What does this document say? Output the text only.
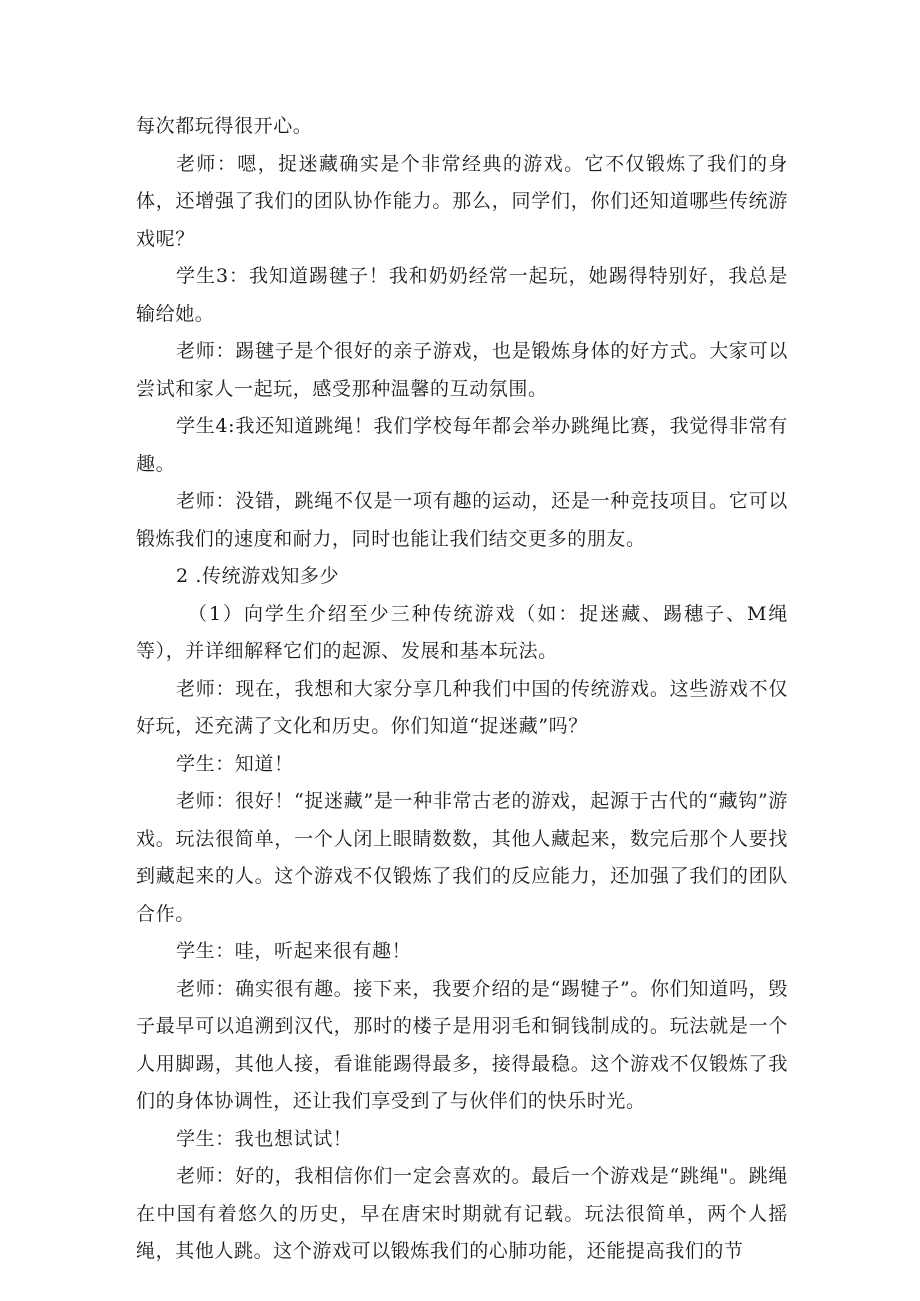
每次都玩得很开心。

老师：嗯，捉迷藏确实是个非常经典的游戏。它不仅锻炼了我们的身体，还增强了我们的团队协作能力。那么，同学们，你们还知道哪些传统游戏呢？

学生3：我知道踢毽子！我和奶奶经常一起玩，她踢得特别好，我总是输给她。

老师：踢毽子是个很好的亲子游戏，也是锻炼身体的好方式。大家可以尝试和家人一起玩，感受那种温馨的互动氛围。

学生4:我还知道跳绳！我们学校每年都会举办跳绳比赛，我觉得非常有趣。

老师：没错，跳绳不仅是一项有趣的运动，还是一种竞技项目。它可以锻炼我们的速度和耐力，同时也能让我们结交更多的朋友。

2 .传统游戏知多少

（1）向学生介绍至少三种传统游戏（如：捉迷藏、踢穗子、M绳等），并详细解释它们的起源、发展和基本玩法。

老师：现在，我想和大家分享几种我们中国的传统游戏。这些游戏不仅好玩，还充满了文化和历史。你们知道“捉迷藏”吗？

学生：知道！

老师：很好！“捉迷藏”是一种非常古老的游戏，起源于古代的“藏钩”游戏。玩法很简单，一个人闭上眼睛数数，其他人藏起来，数完后那个人要找到藏起来的人。这个游戏不仅锻炼了我们的反应能力，还加强了我们的团队合作。

学生：哇，听起来很有趣！

老师：确实很有趣。接下来，我要介绍的是“踢犍子”。你们知道吗，毁子最早可以追溯到汉代，那时的楼子是用羽毛和铜钱制成的。玩法就是一个人用脚踢，其他人接，看谁能踢得最多，接得最稳。这个游戏不仅锻炼了我们的身体协调性，还让我们享受到了与伙伴们的快乐时光。

学生：我也想试试！

老师：好的，我相信你们一定会喜欢的。最后一个游戏是“跳绳"。跳绳在中国有着悠久的历史，早在唐宋时期就有记载。玩法很简单，两个人摇绳，其他人跳。这个游戏可以锻炼我们的心肺功能，还能提高我们的节
